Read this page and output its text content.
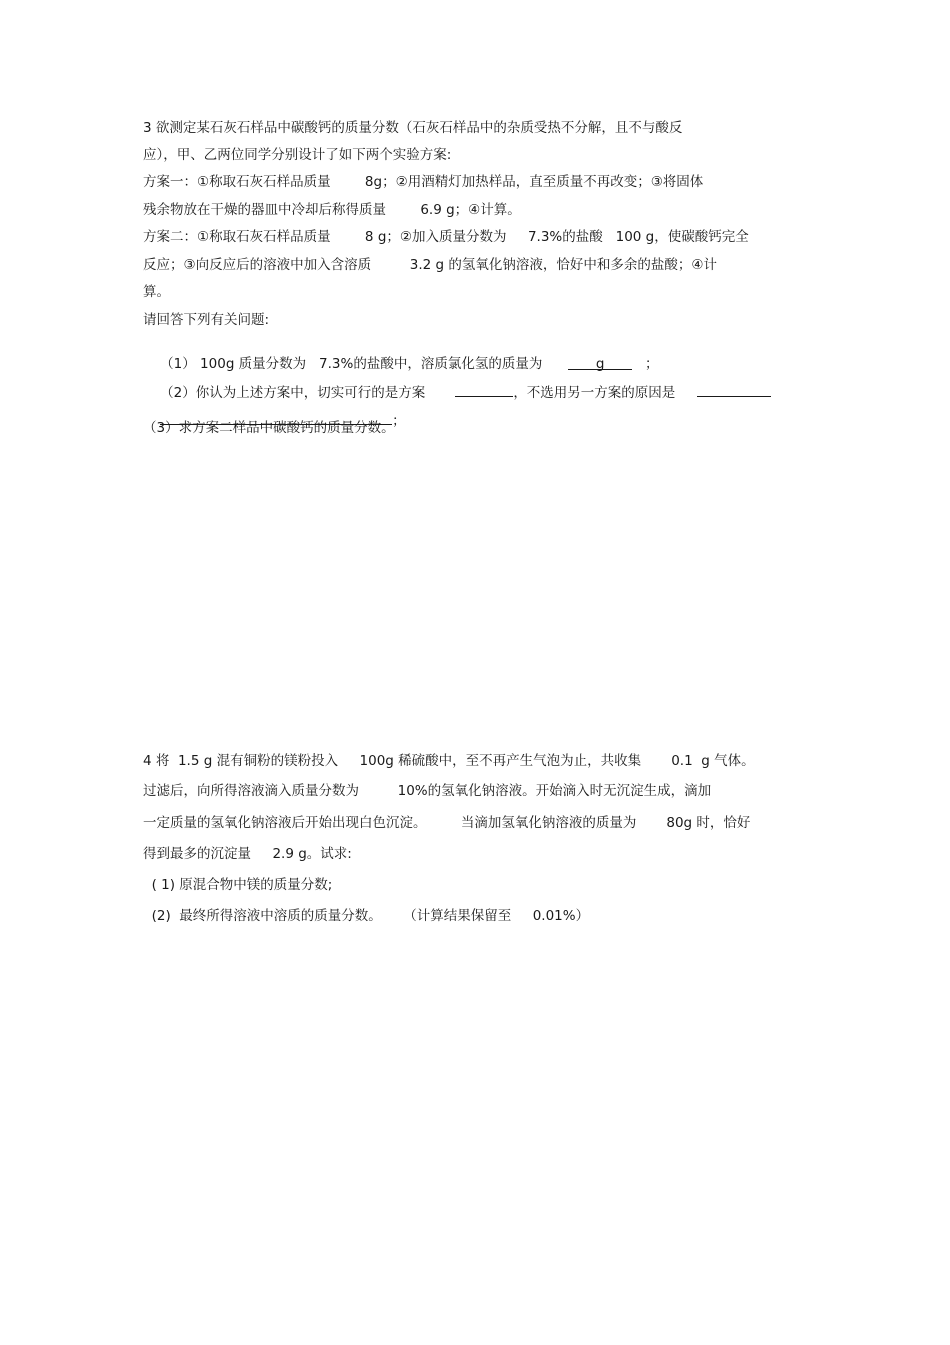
3 欲测定某石灰石样品中碳酸钙的质量分数（石灰石样品中的杂质受热不分解，且不与酸反
应），甲、乙两位同学分别设计了如下两个实验方案:
方案一：①称取石灰石样品质量        8g；②用酒精灯加热样品，直至质量不再改变；③将固体
残余物放在干燥的器皿中冷却后称得质量        6.9 g；④计算。
方案二：①称取石灰石样品质量        8 g；②加入质量分数为     7.3%的盐酸   100 g，使碳酸钙完全
反应；③向反应后的溶液中加入含溶质         3.2 g 的氢氧化钠溶液，恰好中和多余的盐酸；④计
算。
请回答下列有关问题:

（1） 100g 质量分数为   7.3%的盐酸中，溶质氯化氢的质量为      g   ；

（2）你认为上述方案中，切实可行的是方案	，不选用另一方案的原因是

；

（3）求方案二样品中碳酸钙的质量分数。
4 将  1.5 g 混有铜粉的镁粉投入     100g 稀硫酸中，至不再产生气泡为止，共收集       0.1  g 气体。
过滤后，向所得溶液滴入质量分数为         10%的氢氧化钠溶液。开始滴入时无沉淀生成，滴加
一定质量的氢氧化钠溶液后开始出现白色沉淀。        当滴加氢氧化钠溶液的质量为       80g 时，恰好
得到最多的沉淀量     2.9 g。试求:
( 1) 原混合物中镁的质量分数;
(2)  最终所得溶液中溶质的质量分数。     （计算结果保留至     0.01%）
